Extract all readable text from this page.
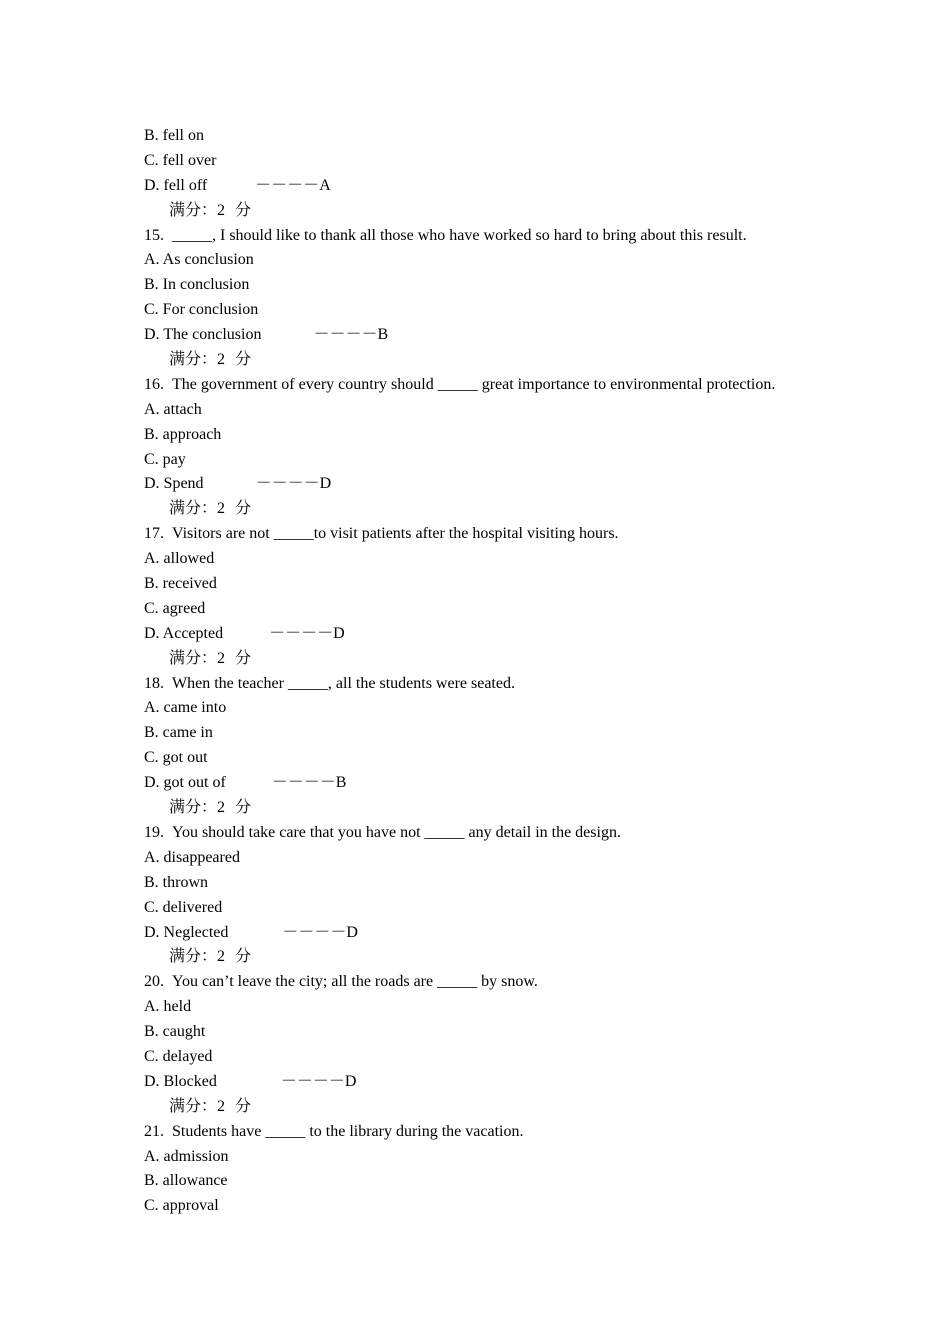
B. fell on
C. fell over
D. fell off	－－－－A
满分：2 分
15. _____, I should like to thank all those who have worked so hard to bring about this result.
A. As conclusion
B. In conclusion
C. For conclusion
D. The conclusion	－－－－B
满分：2 分
16. The government of every country should _____ great importance to environmental protection.
A. attach
B. approach
C. pay
D. Spend	－－－－D
满分：2 分
17. Visitors are not _____to visit patients after the hospital visiting hours.
A. allowed
B. received
C. agreed
D. Accepted	－－－－D
满分：2 分
18. When the teacher _____, all the students were seated.
A. came into
B. came in
C. got out
D. got out of	－－－－B
满分：2 分
19. You should take care that you have not _____ any detail in the design.
A. disappeared
B. thrown
C. delivered
D. Neglected	－－－－D
满分：2 分
20. You can’t leave the city; all the roads are _____ by snow.
A. held
B. caught
C. delayed
D. Blocked	－－－－D
满分：2 分
21. Students have _____ to the library during the vacation.
A. admission
B. allowance
C. approval
